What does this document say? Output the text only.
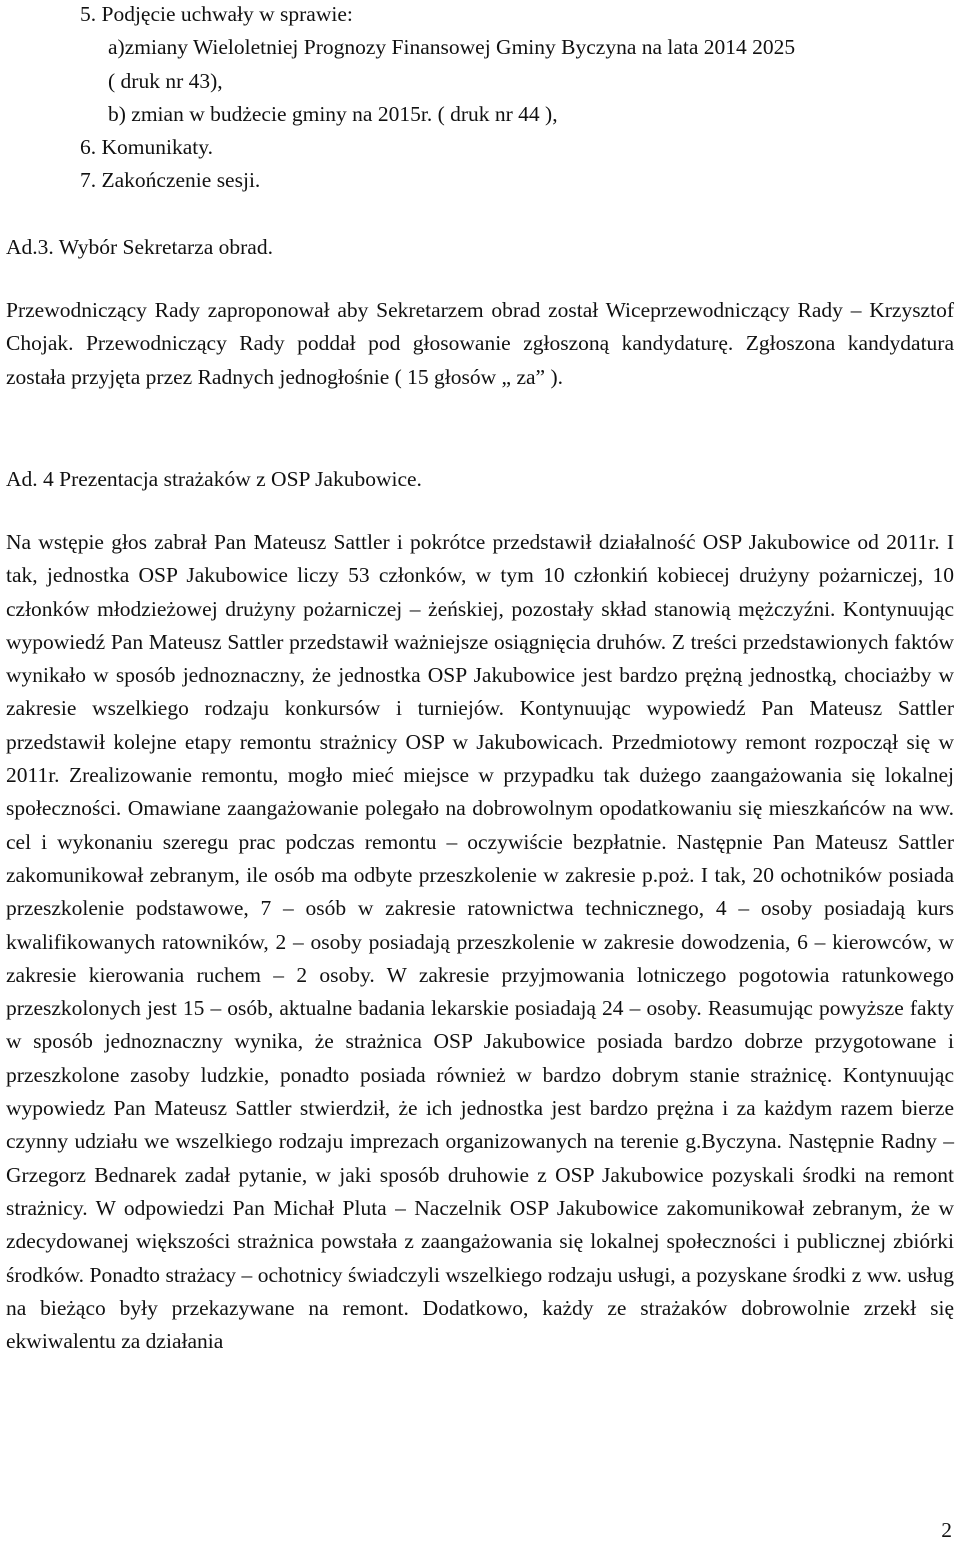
5. Podjęcie uchwały w sprawie:
a)zmiany Wieloletniej Prognozy Finansowej Gminy Byczyna na lata 2014 2025
( druk nr 43),
b) zmian w budżecie gminy na 2015r. ( druk nr 44 ),
6. Komunikaty.
7. Zakończenie sesji.
Ad.3. Wybór Sekretarza obrad.
Przewodniczący Rady zaproponował aby Sekretarzem obrad został Wiceprzewodniczący Rady – Krzysztof Chojak. Przewodniczący Rady poddał pod głosowanie zgłoszoną kandydaturę. Zgłoszona kandydatura została przyjęta przez Radnych jednogłośnie ( 15 głosów „ za” ).
Ad. 4 Prezentacja strażaków z OSP Jakubowice.
Na wstępie głos zabrał Pan Mateusz Sattler i pokrótce przedstawił działalność OSP Jakubowice od 2011r. I tak, jednostka OSP Jakubowice liczy 53 członków, w tym 10 członkiń kobiecej drużyny pożarniczej, 10 członków młodzieżowej drużyny pożarniczej – żeńskiej, pozostały skład stanowią mężczyźni. Kontynuując wypowiedź Pan Mateusz Sattler przedstawił ważniejsze osiągnięcia druhów. Z treści przedstawionych faktów wynikało w sposób jednoznaczny, że jednostka OSP Jakubowice jest bardzo prężną jednostką, chociażby w zakresie wszelkiego rodzaju konkursów i turniejów. Kontynuując wypowiedź Pan Mateusz Sattler przedstawił kolejne etapy remontu strażnicy OSP w Jakubowicach. Przedmiotowy remont rozpoczął się w 2011r. Zrealizowanie remontu, mogło mieć miejsce w przypadku tak dużego zaangażowania się lokalnej społeczności. Omawiane zaangażowanie polegało na dobrowolnym opodatkowaniu się mieszkańców na ww. cel i wykonaniu szeregu prac podczas remontu – oczywiście bezpłatnie. Następnie Pan Mateusz Sattler zakomunikował zebranym, ile osób ma odbyte przeszkolenie w zakresie p.poż. I tak, 20 ochotników posiada przeszkolenie podstawowe, 7 – osób w zakresie ratownictwa technicznego, 4 – osoby posiadają kurs kwalifikowanych ratowników, 2 – osoby posiadają przeszkolenie w zakresie dowodzenia, 6 – kierowców, w zakresie kierowania ruchem – 2 osoby. W zakresie przyjmowania lotniczego pogotowia ratunkowego przeszkolonych jest 15 – osób, aktualne badania lekarskie posiadają 24 – osoby. Reasumując powyższe fakty w sposób jednoznaczny wynika, że strażnica OSP Jakubowice posiada bardzo dobrze przygotowane i przeszkolone zasoby ludzkie, ponadto posiada również w bardzo dobrym stanie strażnicę. Kontynuując wypowiedz Pan Mateusz Sattler stwierdził, że ich jednostka jest bardzo prężna i za każdym razem bierze czynny udziału we wszelkiego rodzaju imprezach organizowanych na terenie g.Byczyna. Następnie Radny – Grzegorz Bednarek zadał pytanie, w jaki sposób druhowie z OSP Jakubowice pozyskali środki na remont strażnicy. W odpowiedzi Pan Michał Pluta – Naczelnik OSP Jakubowice zakomunikował zebranym, że w zdecydowanej większości strażnica powstała z zaangażowania się lokalnej społeczności i publicznej zbiórki środków. Ponadto strażacy – ochotnicy świadczyli wszelkiego rodzaju usługi, a pozyskane środki z ww. usług na bieżąco były przekazywane na remont. Dodatkowo, każdy ze strażaków dobrowolnie zrzekł się ekwiwalentu za działania
2
